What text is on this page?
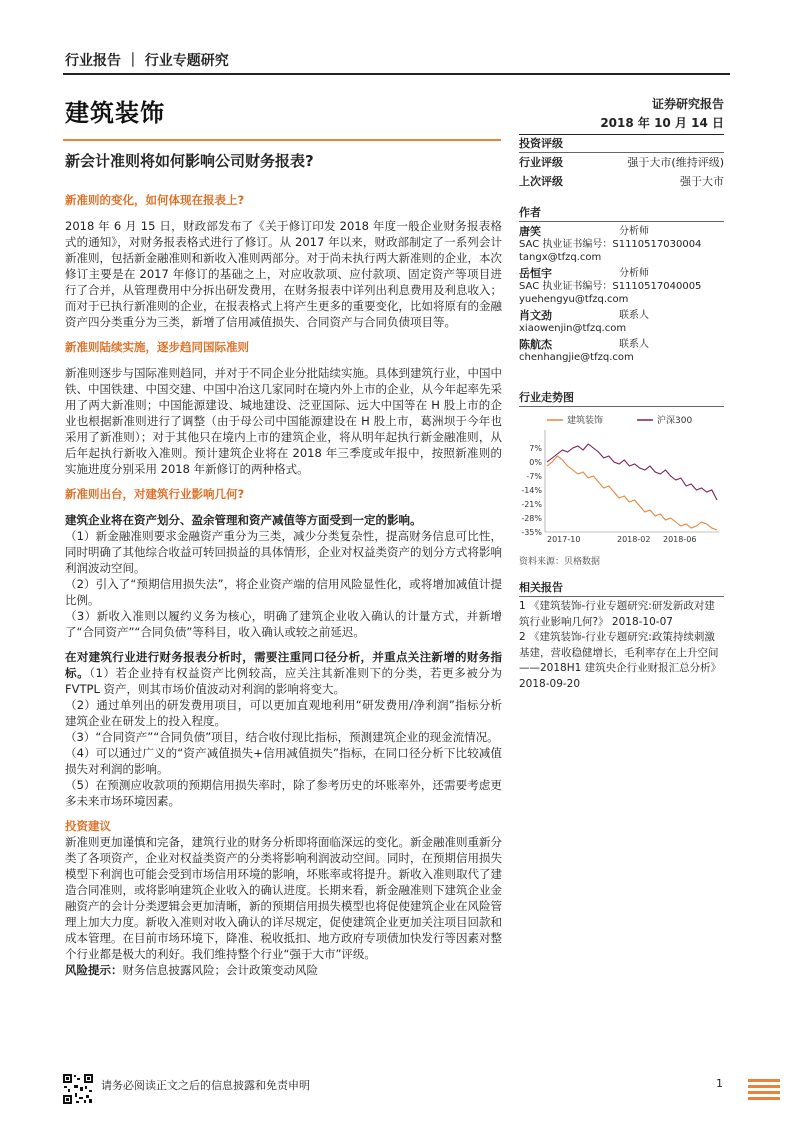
行业报告 ｜ 行业专题研究
建筑装饰	证券研究报告
2018 年 10 月 14 日
新会计准则将如何影响公司财务报表?

新准则的变化，如何体现在报表上?

2018 年 6 月 15 日，财政部发布了《关于修订印发 2018 年度一般企业财务报表格式的通知》，对财务报表格式进行了修订。从 2017 年以来，财政部制定了一系列会计新准则，包括新金融准则和新收入准则两部分。对于尚未执行两大新准则的企业，本次修订主要是在 2017 年修订的基础之上，对应收款项、应付款项、固定资产等项目进行了合并，从管理费用中分拆出研发费用，在财务报表中详列出利息费用及利息收入；而对于已执行新准则的企业，在报表格式上将产生更多的重要变化，比如将原有的金融资产四分类重分为三类，新增了信用减值损失、合同资产与合同负债项目等。

新准则陆续实施，逐步趋同国际准则

新准则逐步与国际准则趋同，并对于不同企业分批陆续实施。具体到建筑行业，中国中铁、中国铁建、中国交建、中国中冶这几家同时在境内外上市的企业，从今年起率先采用了两大新准则；中国能源建设、城地建设、泛亚国际、远大中国等在 H 股上市的企业也根据新准则进行了调整（由于母公司中国能源建设在 H 股上市，葛洲坝于今年也采用了新准则）；对于其他只在境内上市的建筑企业，将从明年起执行新金融准则，从后年起执行新收入准则。预计建筑企业将在 2018 年三季度或年报中，按照新准则的实施进度分别采用 2018 年新修订的两种格式。

新准则出台，对建筑行业影响几何?

建筑企业将在资产划分、盈余管理和资产减值等方面受到一定的影响。

（1）新金融准则要求金融资产重分为三类，减少分类复杂性，提高财务信息可比性，同时明确了其他综合收益可转回损益的具体情形，企业对权益类资产的划分方式将影响利润波动空间。

（2）引入了“预期信用损失法”，将企业资产端的信用风险显性化，或将增加减值计提比例。

（3）新收入准则以履约义务为核心，明确了建筑企业收入确认的计量方式，并新增了“合同资产”“合同负债”等科目，收入确认或较之前延迟。

在对建筑行业进行财务报表分析时，需要注重同口径分析，并重点关注新增的财务指标。（1）若企业持有权益资产比例较高，应关注其新准则下的分类，若更多被分为 FVTPL 资产，则其市场价值波动对利润的影响将变大。

（2）通过单列出的研发费用项目，可以更加直观地利用“研发费用/净利润”指标分析建筑企业在研发上的投入程度。

（3）“合同资产”“合同负债”项目，结合收付现比指标，预测建筑企业的现金流情况。

（4）可以通过广义的“资产减值损失+信用减值损失”指标，在同口径分析下比较减值损失对利润的影响。

（5）在预测应收款项的预期信用损失率时，除了参考历史的坏账率外，还需要考虑更多未来市场环境因素。

投资建议

新准则更加谨慎和完备，建筑行业的财务分析即将面临深远的变化。新金融准则重新分类了各项资产，企业对权益类资产的分类将影响利润波动空间。同时，在预期信用损失模型下利润也可能会受到市场信用环境的影响，坏账率或将提升。新收入准则取代了建造合同准则，或将影响建筑企业收入的确认进度。长期来看，新金融准则下建筑企业金融资产的会计分类逻辑会更加清晰，新的预期信用损失模型也将促使建筑企业在风险管理上加大力度。新收入准则对收入确认的详尽规定，促使建筑企业更加关注项目回款和成本管理。在目前市场环境下，降准、税收抵扣、地方政府专项债加快发行等因素对整个行业都是极大的利好。我们维持整个行业“强于大市”评级。

风险提示：财务信息披露风险；会计政策变动风险

投资评级
行业评级	强于大市(维持评级)
上次评级	强于大市
作者
唐笑	分析师
SAC 执业证书编号：S1110517030004
tangx@tfzq.com
岳恒宇	分析师
SAC 执业证书编号：S1110517040005
yuehengyu@tfzq.com
肖文劲	联系人
xiaowenjin@tfzq.com
陈航杰	联系人
chenhangjie@tfzq.com
行业走势图
建筑装饰	沪深300
7%
0%
-7%
-14%
-21%
-28%
-35%
2017-10	2018-02 2018-06
资料来源：贝格数据
相关报告

1 《建筑装饰-行业专题研究:研发新政对建筑行业影响几何?》 2018-10-07

2 《建筑装饰-行业专题研究:政策持续刺激基建，营收稳健增长，毛利率存在上升空间——2018H1 建筑央企行业财报汇总分析》 2018-09-20

请务必阅读正文之后的信息披露和免责申明	1
